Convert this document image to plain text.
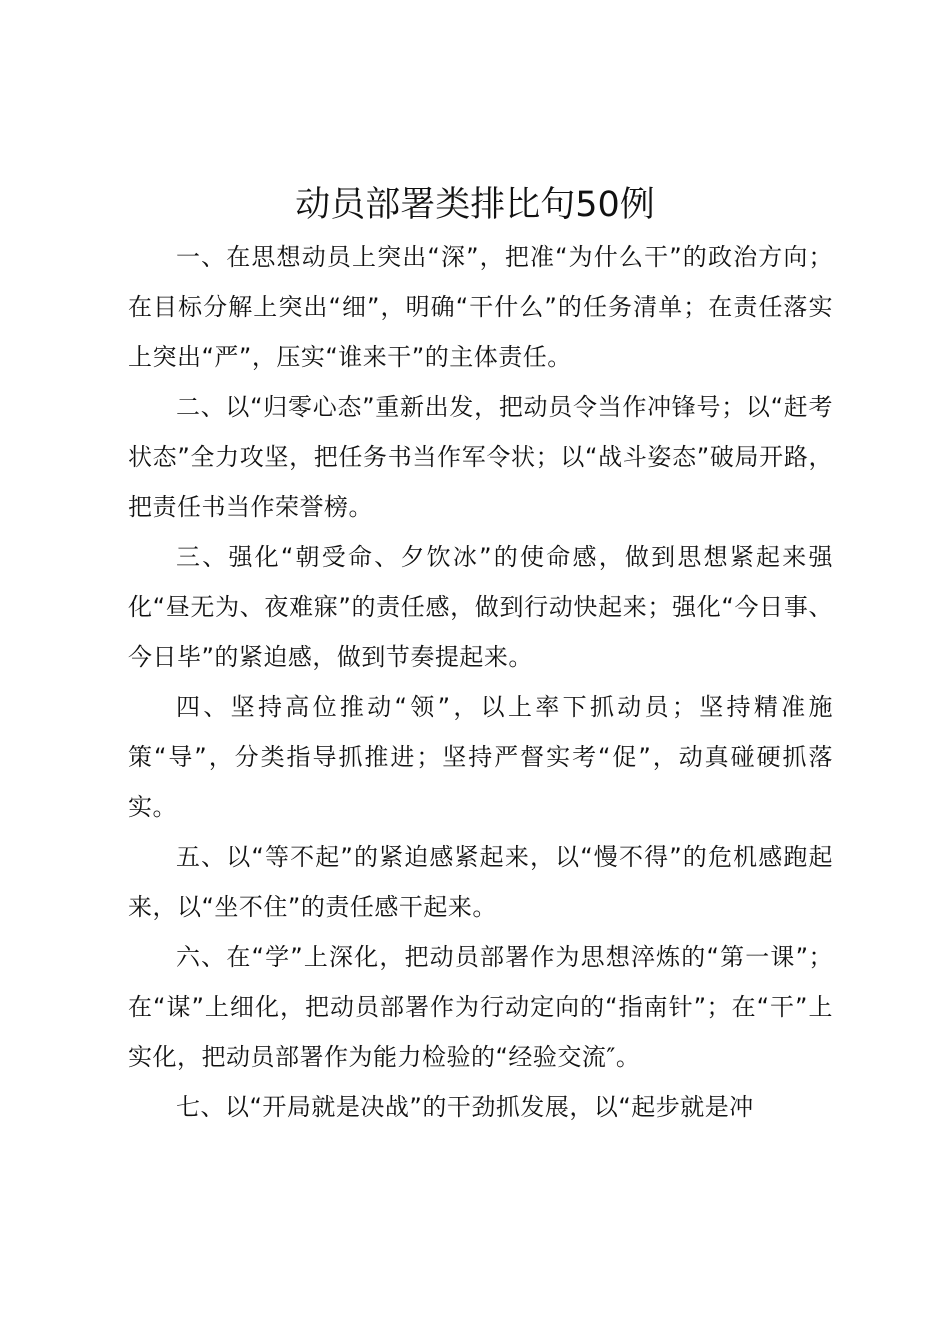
动员部署类排比句50例

一、在思想动员上突出“深”，把准“为什么干”的政治方向；在目标分解上突出“细”，明确“干什么”的任务清单；在责任落实上突出“严”，压实“谁来干”的主体责任。

二、以“归零心态”重新出发，把动员令当作冲锋号；以“赶考状态”全力攻坚，把任务书当作军令状；以“战斗姿态”破局开路，把责任书当作荣誉榜。

三、强化“朝受命、夕饮冰”的使命感，做到思想紧起来强化“昼无为、夜难寐”的责任感，做到行动快起来；强化“今日事、今日毕”的紧迫感，做到节奏提起来。

四、坚持高位推动“领”，以上率下抓动员；坚持精准施策“导”，分类指导抓推进；坚持严督实考“促”，动真碰硬抓落实。

五、以“等不起”的紧迫感紧起来，以“慢不得”的危机感跑起来，以“坐不住”的责任感干起来。

六、在“学”上深化，把动员部署作为思想淬炼的“第一课”；在“谋”上细化，把动员部署作为行动定向的“指南针”；在“干”上实化，把动员部署作为能力检验的“经验交流″。

七、以“开局就是决战”的干劲抓发展，以“起步就是冲
